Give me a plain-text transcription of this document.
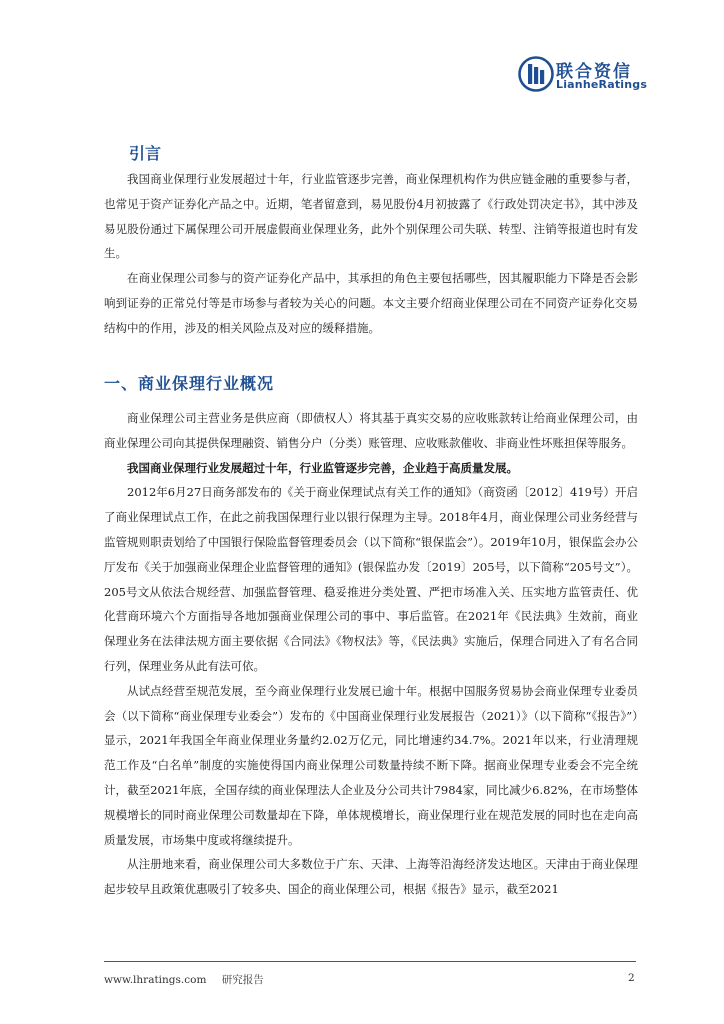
联合资信
LianheRatings
引言

我国商业保理行业发展超过十年，行业监管逐步完善，商业保理机构作为供应链金融的重要参与者，也常见于资产证券化产品之中。近期，笔者留意到，易见股份4月初披露了《行政处罚决定书》，其中涉及易见股份通过下属保理公司开展虚假商业保理业务，此外个别保理公司失联、转型、注销等报道也时有发生。

在商业保理公司参与的资产证券化产品中，其承担的角色主要包括哪些，因其履职能力下降是否会影响到证券的正常兑付等是市场参与者较为关心的问题。本文主要介绍商业保理公司在不同资产证券化交易结构中的作用，涉及的相关风险点及对应的缓释措施。

一、商业保理行业概况

商业保理公司主营业务是供应商（即债权人）将其基于真实交易的应收账款转让给商业保理公司，由商业保理公司向其提供保理融资、销售分户（分类）账管理、应收账款催收、非商业性坏账担保等服务。

我国商业保理行业发展超过十年，行业监管逐步完善，企业趋于高质量发展。

2012年6月27日商务部发布的《关于商业保理试点有关工作的通知》（商资函〔2012〕419号）开启了商业保理试点工作，在此之前我国保理行业以银行保理为主导。2018年4月，商业保理公司业务经营与监管规则职责划给了中国银行保险监督管理委员会（以下简称“银保监会”）。2019年10月，银保监会办公厅发布《关于加强商业保理企业监督管理的通知》(银保监办发〔2019〕205号，以下简称“205号文”）。205号文从依法合规经营、加强监督管理、稳妥推进分类处置、严把市场准入关、压实地方监管责任、优化营商环境六个方面指导各地加强商业保理公司的事中、事后监管。在2021年《民法典》生效前，商业保理业务在法律法规方面主要依据《合同法》《物权法》等，《民法典》实施后，保理合同进入了有名合同行列，保理业务从此有法可依。

从试点经营至规范发展，至今商业保理行业发展已逾十年。根据中国服务贸易协会商业保理专业委员会（以下简称“商业保理专业委会”）发布的《中国商业保理行业发展报告（2021）》（以下简称“《报告》”）显示，2021年我国全年商业保理业务量约2.02万亿元，同比增速约34.7%。2021年以来，行业清理规范工作及“白名单”制度的实施使得国内商业保理公司数量持续不断下降。据商业保理专业委会不完全统计，截至2021年底，全国存续的商业保理法人企业及分公司共计7984家，同比减少6.82%，在市场整体规模增长的同时商业保理公司数量却在下降，单体规模增长，商业保理行业在规范发展的同时也在走向高质量发展，市场集中度或将继续提升。

从注册地来看，商业保理公司大多数位于广东、天津、上海等沿海经济发达地区。天津由于商业保理起步较早且政策优惠吸引了较多央、国企的商业保理公司，根据《报告》显示，截至2021

www.lhratings.com 研究报告	2
